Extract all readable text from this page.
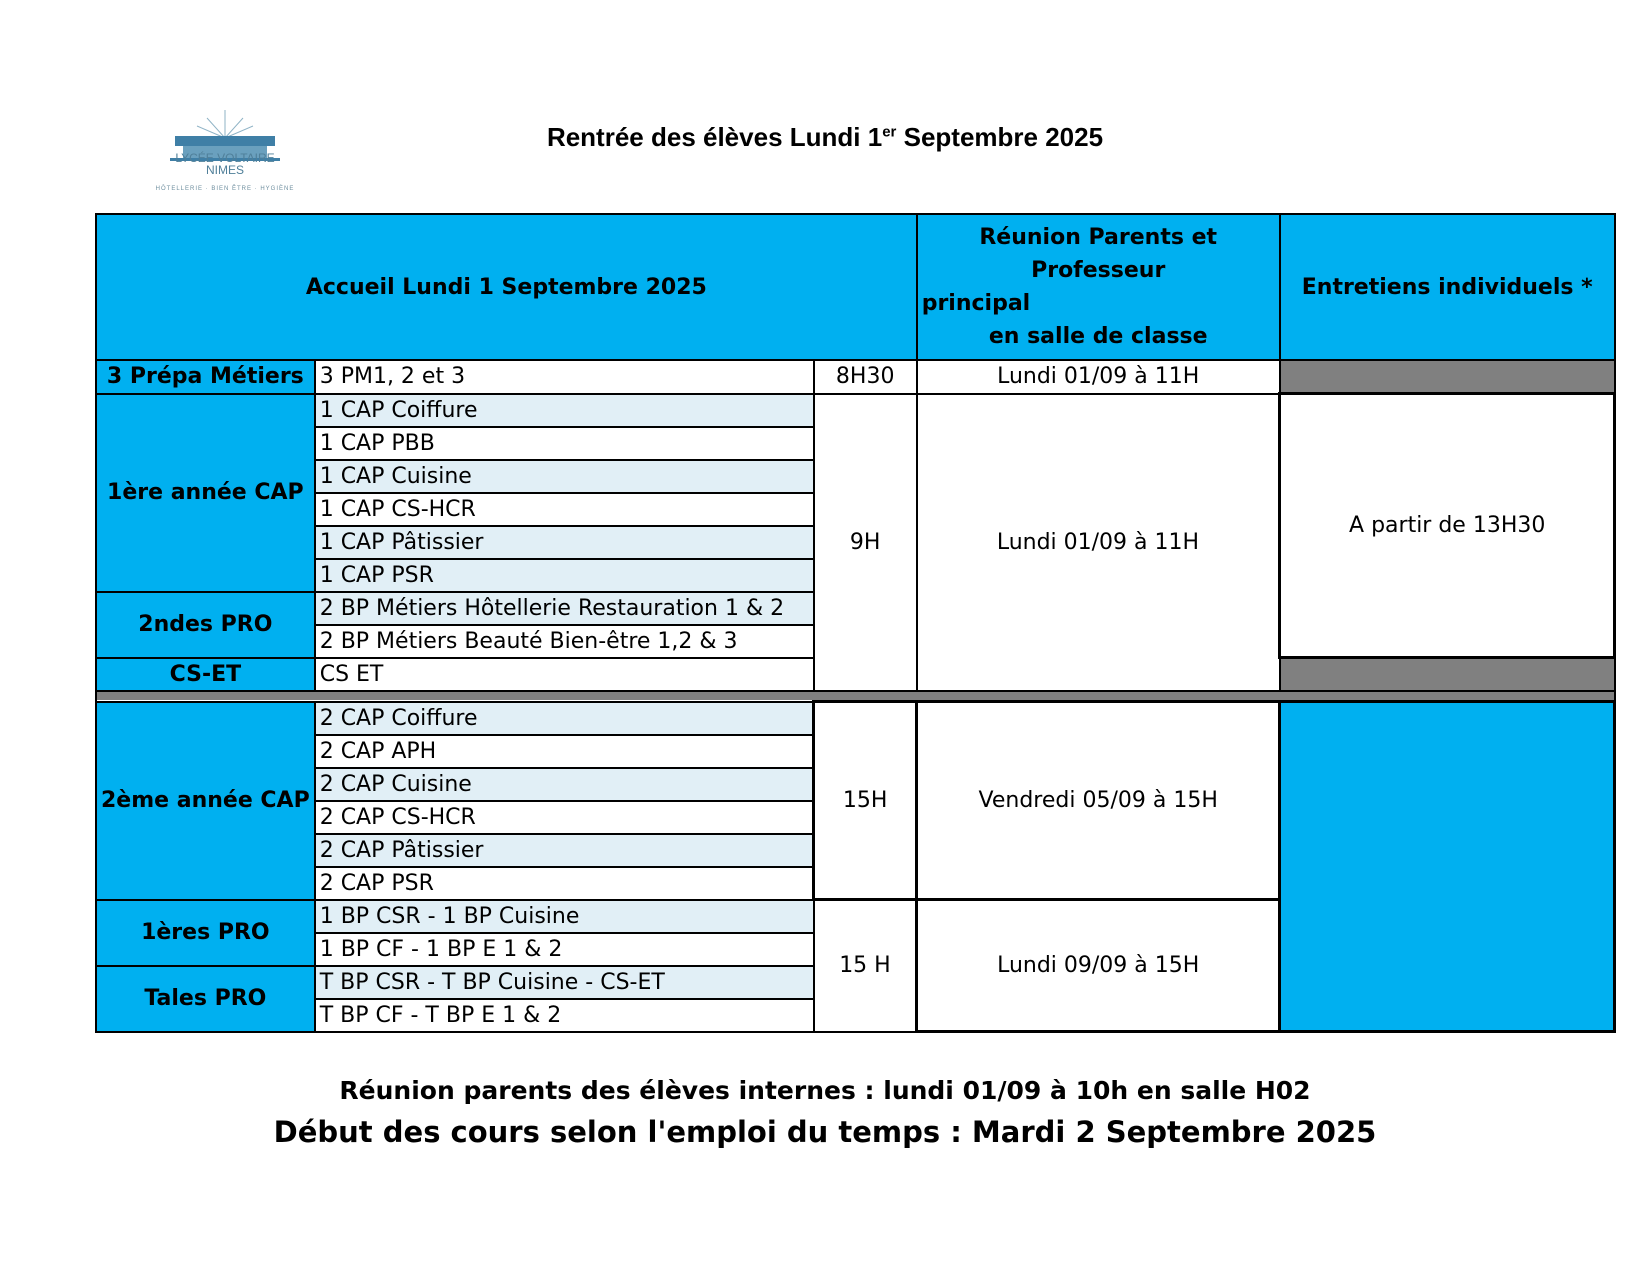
LYCÉE VOLTAIRE
NIMES
HÔTELLERIE · BIEN ÊTRE · HYGIÈNE
Rentrée des élèves Lundi 1er Septembre 2025
Accueil Lundi 1 Septembre 2025			Réunion Parents et Professeur
principal
en salle de classe	Entretiens individuels *
3 Prépa Métiers	3 PM1, 2 et 3	8H30	Lundi 01/09 à 11H	
1ère année CAP	1 CAP Coiffure	9H	Lundi 01/09 à 11H	A partir de 13H30
	1 CAP PBB			
	1 CAP Cuisine			
	1 CAP CS-HCR			
	1 CAP Pâtissier			
	1 CAP PSR			
2ndes PRO	2 BP Métiers Hôtellerie Restauration 1 & 2			
	2 BP Métiers Beauté Bien-être 1,2 & 3			
CS-ET	CS ET			

2ème année CAP	2 CAP Coiffure	15H	Vendredi 05/09 à 15H	
	2 CAP APH			
	2 CAP Cuisine			
	2 CAP CS-HCR			
	2 CAP Pâtissier			
	2 CAP PSR			
1ères PRO	1 BP CSR - 1 BP Cuisine	15 H	Lundi 09/09 à 15H	
	1 BP CF - 1 BP E 1 & 2			
Tales PRO	T BP CSR - T BP Cuisine - CS-ET			
	T BP CF - T BP E 1 & 2			
Réunion parents des élèves internes : lundi 01/09 à 10h en salle H02
Début des cours selon l'emploi du temps : Mardi 2 Septembre 2025
